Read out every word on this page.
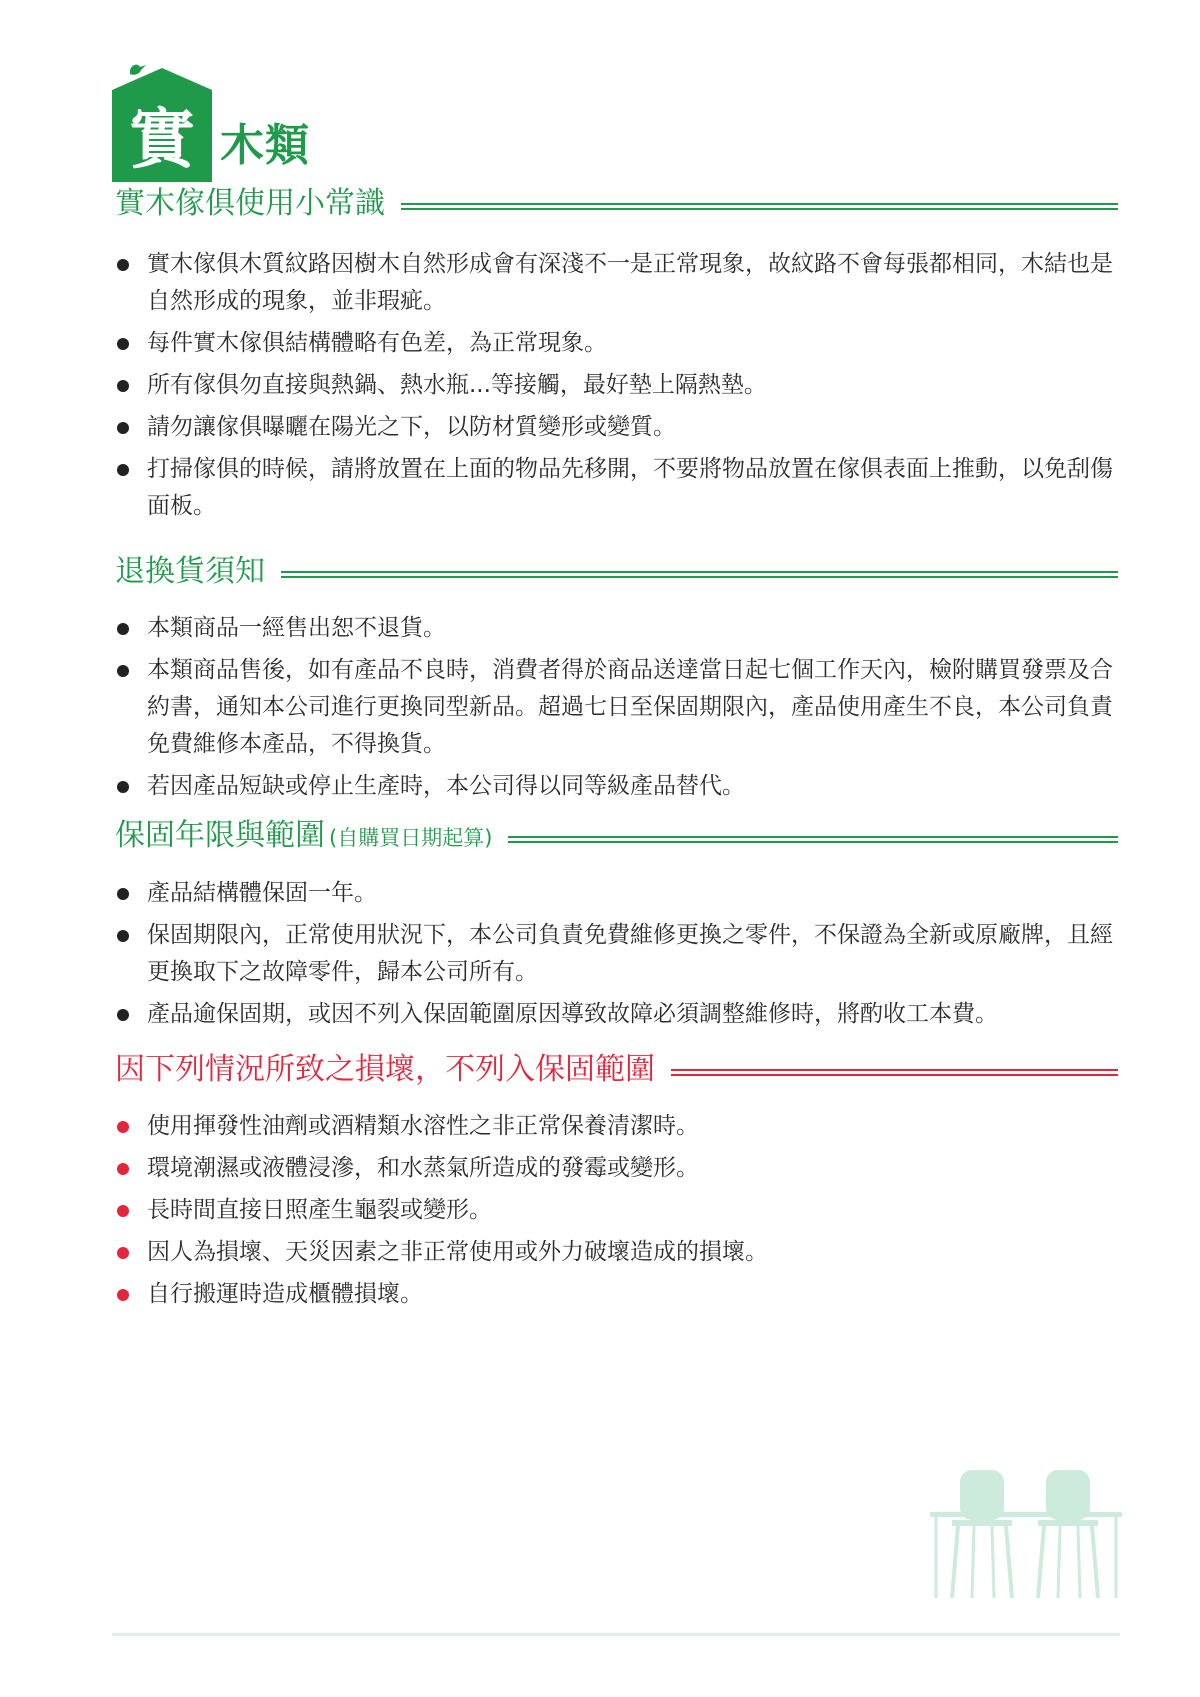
實 木類
實木傢俱使用小常識
實木傢俱木質紋路因樹木自然形成會有深淺不一是正常現象，故紋路不會每張都相同，木結也是自然形成的現象，並非瑕疵。
每件實木傢俱結構體略有色差，為正常現象。
所有傢俱勿直接與熱鍋、熱水瓶...等接觸，最好墊上隔熱墊。
請勿讓傢俱曝曬在陽光之下，以防材質變形或變質。
打掃傢俱的時候，請將放置在上面的物品先移開，不要將物品放置在傢俱表面上推動，以免刮傷面板。
退換貨須知
本類商品一經售出恕不退貨。
本類商品售後，如有產品不良時，消費者得於商品送達當日起七個工作天內，檢附購買發票及合約書，通知本公司進行更換同型新品。超過七日至保固期限內，產品使用產生不良，本公司負責免費維修本產品，不得換貨。
若因產品短缺或停止生產時，本公司得以同等級產品替代。
保固年限與範圍 (自購買日期起算)
產品結構體保固一年。
保固期限內，正常使用狀況下，本公司負責免費維修更換之零件，不保證為全新或原廠牌，且經更換取下之故障零件，歸本公司所有。
產品逾保固期，或因不列入保固範圍原因導致故障必須調整維修時，將酌收工本費。
因下列情況所致之損壞，不列入保固範圍
使用揮發性油劑或酒精類水溶性之非正常保養清潔時。
環境潮濕或液體浸滲，和水蒸氣所造成的發霉或變形。
長時間直接日照產生龜裂或變形。
因人為損壞、天災因素之非正常使用或外力破壞造成的損壞。
自行搬運時造成櫃體損壞。
